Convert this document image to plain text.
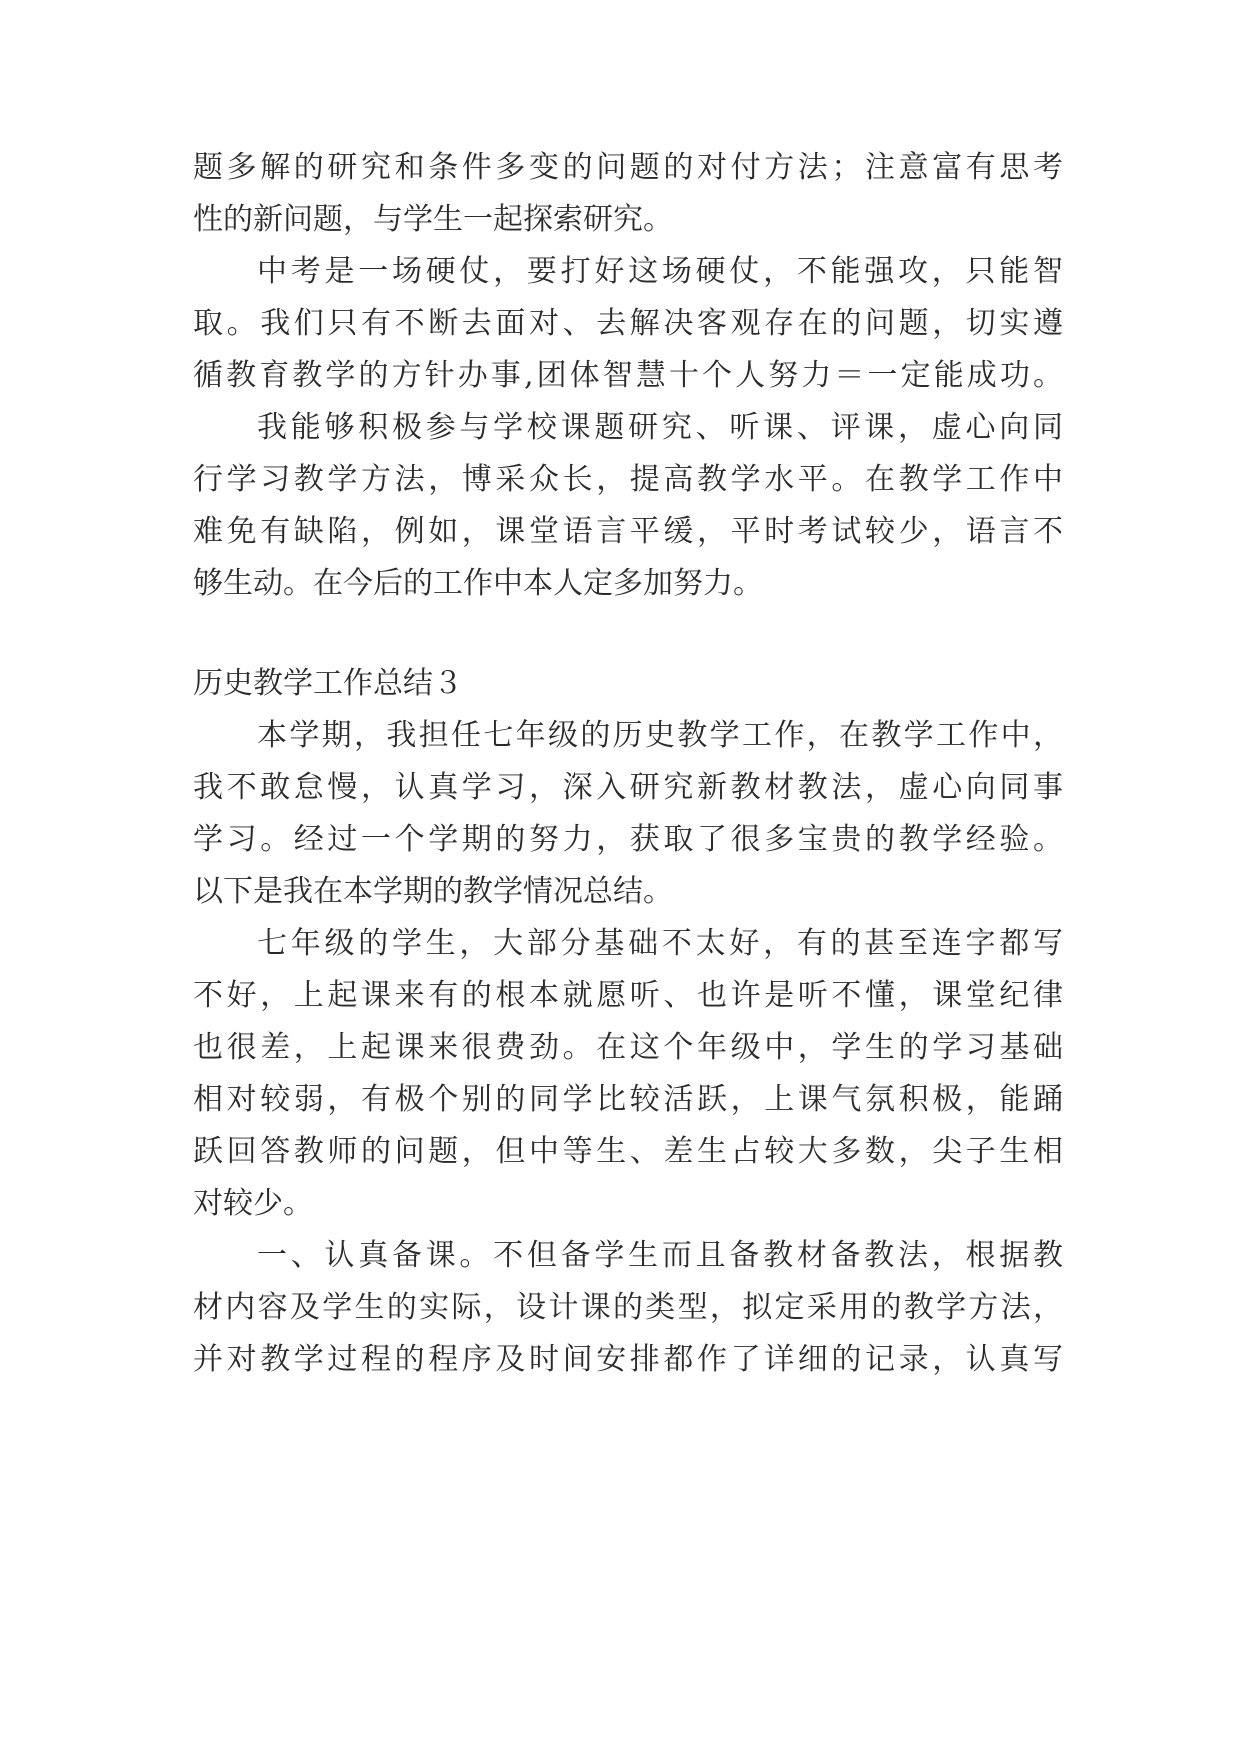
题多解的研究和条件多变的问题的对付方法；注意富有思考
性的新问题，与学生一起探索研究。
中考是一场硬仗，要打好这场硬仗，不能强攻，只能智
取。我们只有不断去面对、去解决客观存在的问题，切实遵
循教育教学的方针办事,团体智慧十个人努力＝一定能成功。
我能够积极参与学校课题研究、听课、评课，虚心向同
行学习教学方法，博采众长，提高教学水平。在教学工作中
难免有缺陷，例如，课堂语言平缓，平时考试较少，语言不
够生动。在今后的工作中本人定多加努力。
历史教学工作总结３
本学期，我担任七年级的历史教学工作，在教学工作中，
我不敢怠慢，认真学习，深入研究新教材教法，虚心向同事
学习。经过一个学期的努力，获取了很多宝贵的教学经验。
以下是我在本学期的教学情况总结。
七年级的学生，大部分基础不太好，有的甚至连字都写
不好，上起课来有的根本就愿听、也许是听不懂，课堂纪律
也很差，上起课来很费劲。在这个年级中，学生的学习基础
相对较弱，有极个别的同学比较活跃，上课气氛积极，能踊
跃回答教师的问题，但中等生、差生占较大多数，尖子生相
对较少。
一、认真备课。不但备学生而且备教材备教法，根据教
材内容及学生的实际，设计课的类型，拟定采用的教学方法，
并对教学过程的程序及时间安排都作了详细的记录，认真写
